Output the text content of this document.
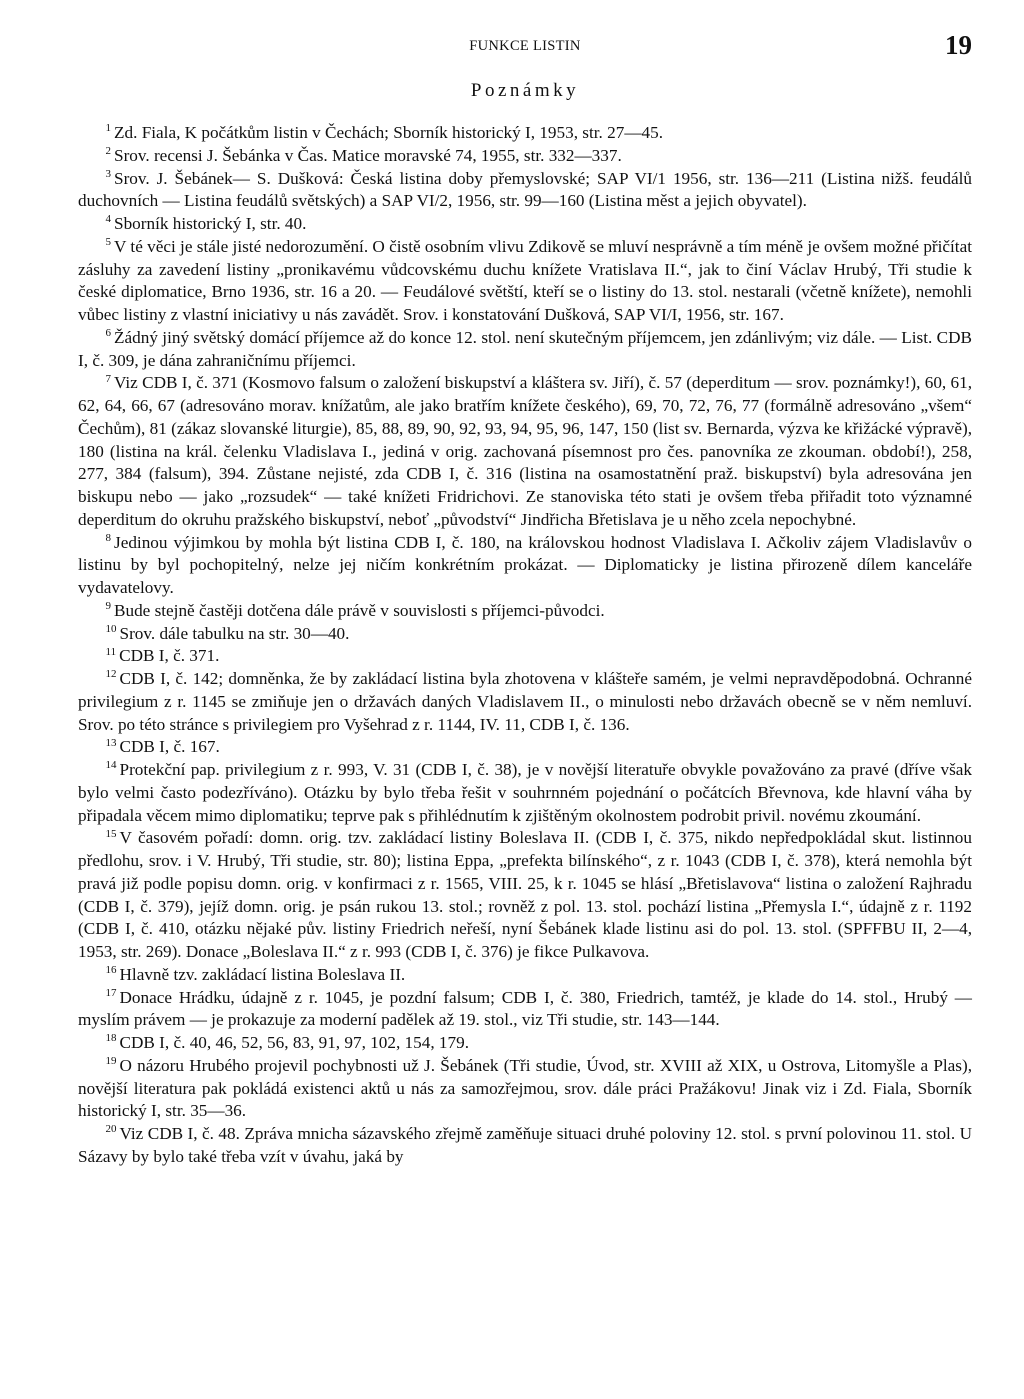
FUNKCE LISTIN	19
Poznámky

$^1$ Zd. Fiala, K počátkům listin v Čechách; Sborník historický I, 1953, str. 27—45.

$^2$ Srov. recensi J. Šebánka v Čas. Matice moravské 74, 1955, str. 332—337.

$^3$ Srov. J. Šebánek— S. Dušková: Česká listina doby přemyslovské; SAP VI/1 1956, str. 136—211 (Listina nižš. feudálů duchovních — Listina feudálů světských) a SAP VI/2, 1956, str. 99—160 (Listina měst a jejich obyvatel).

$^4$ Sborník historický I, str. 40.

$^5$ V té věci je stále jisté nedorozumění. O čistě osobním vlivu Zdikově se mluví nesprávně a tím méně je ovšem možné přičítat zásluhy za zavedení listiny „pronikavému vůdcovskému duchu knížete Vratislava II.“, jak to činí Václav Hrubý, Tři studie k české diplomatice, Brno 1936, str. 16 a 20. — Feudálové světští, kteří se o listiny do 13. stol. nestarali (včetně knížete), nemohli vůbec listiny z vlastní iniciativy u nás zavádět. Srov. i konstatování Dušková, SAP VI/I, 1956, str. 167.

$^6$ Žádný jiný světský domácí příjemce až do konce 12. stol. není skutečným příjemcem, jen zdánlivým; viz dále. — List. CDB I, č. 309, je dána zahraničnímu příjemci.

$^7$ Viz CDB I, č. 371 (Kosmovo falsum o založení biskupství a kláštera sv. Jiří), č. 57 (deperditum — srov. poznámky!), 60, 61, 62, 64, 66, 67 (adresováno morav. knížatům, ale jako bratřím knížete českého), 69, 70, 72, 76, 77 (formálně adresováno „všem“ Čechům), 81 (zákaz slovanské liturgie), 85, 88, 89, 90, 92, 93, 94, 95, 96, 147, 150 (list sv. Bernarda, výzva ke křižácké výpravě), 180 (listina na král. čelenku Vladislava I., jediná v orig. zachovaná písemnost pro čes. panovníka ze zkouman. období!), 258, 277, 384 (falsum), 394. Zůstane nejisté, zda CDB I, č. 316 (listina na osamostatnění praž. biskupství) byla adresována jen biskupu nebo — jako „rozsudek“ — také knížeti Fridrichovi. Ze stanoviska této stati je ovšem třeba přiřadit toto významné deperditum do okruhu pražského biskupství, neboť „původství“ Jindřicha Břetislava je u něho zcela nepochybné.

$^8$ Jedinou výjimkou by mohla být listina CDB I, č. 180, na královskou hodnost Vladislava I. Ačkoliv zájem Vladislavův o listinu by byl pochopitelný, nelze jej ničím konkrétním prokázat. — Diplomaticky je listina přirozeně dílem kanceláře vydavatelovy.

$^9$ Bude stejně častěji dotčena dále právě v souvislosti s příjemci-původci.

$^{10}$ Srov. dále tabulku na str. 30—40.

$^{11}$ CDB I, č. 371.

$^{12}$ CDB I, č. 142; domněnka, že by zakládací listina byla zhotovena v klášteře samém, je velmi nepravděpodobná. Ochranné privilegium z r. 1145 se zmiňuje jen o državách daných Vladislavem II., o minulosti nebo državách obecně se v něm nemluví. Srov. po této stránce s privilegiem pro Vyšehrad z r. 1144, IV. 11, CDB I, č. 136.

$^{13}$ CDB I, č. 167.

$^{14}$ Protekční pap. privilegium z r. 993, V. 31 (CDB I, č. 38), je v novější literatuře obvykle považováno za pravé (dříve však bylo velmi často podezříváno). Otázku by bylo třeba řešit v souhrnném pojednání o počátcích Břevnova, kde hlavní váha by připadala věcem mimo diplomatiku; teprve pak s přihlédnutím k zjištěným okolnostem podrobit privil. novému zkoumání.

$^{15}$ V časovém pořadí: domn. orig. tzv. zakládací listiny Boleslava II. (CDB I, č. 375, nikdo nepředpokládal skut. listinnou předlohu, srov. i V. Hrubý, Tři studie, str. 80); listina Eppa, „prefekta bilínského“, z r. 1043 (CDB I, č. 378), která nemohla být pravá již podle popisu domn. orig. v konfirmaci z r. 1565, VIII. 25, k r. 1045 se hlásí „Břetislavova“ listina o založení Rajhradu (CDB I, č. 379), jejíž domn. orig. je psán rukou 13. stol.; rovněž z pol. 13. stol. pochází listina „Přemysla I.“, údajně z r. 1192 (CDB I, č. 410, otázku nějaké pův. listiny Friedrich neřeší, nyní Šebánek klade listinu asi do pol. 13. stol. (SPFFBU II, 2—4, 1953, str. 269). Donace „Boleslava II.“ z r. 993 (CDB I, č. 376) je fikce Pulkavova.

$^{16}$ Hlavně tzv. zakládací listina Boleslava II.

$^{17}$ Donace Hrádku, údajně z r. 1045, je pozdní falsum; CDB I, č. 380, Friedrich, tamtéž, je klade do 14. stol., Hrubý — myslím právem — je prokazuje za moderní padělek až 19. stol., viz Tři studie, str. 143—144.

$^{18}$ CDB I, č. 40, 46, 52, 56, 83, 91, 97, 102, 154, 179.

$^{19}$ O názoru Hrubého projevil pochybnosti už J. Šebánek (Tři studie, Úvod, str. XVIII až XIX, u Ostrova, Litomyšle a Plas), novější literatura pak pokládá existenci aktů u nás za samozřejmou, srov. dále práci Pražákovu! Jinak viz i Zd. Fiala, Sborník historický I, str. 35—36.

$^{20}$ Viz CDB I, č. 48. Zpráva mnicha sázavského zřejmě zaměňuje situaci druhé poloviny 12. stol. s první polovinou 11. stol. U Sázavy by bylo také třeba vzít v úvahu, jaká by
